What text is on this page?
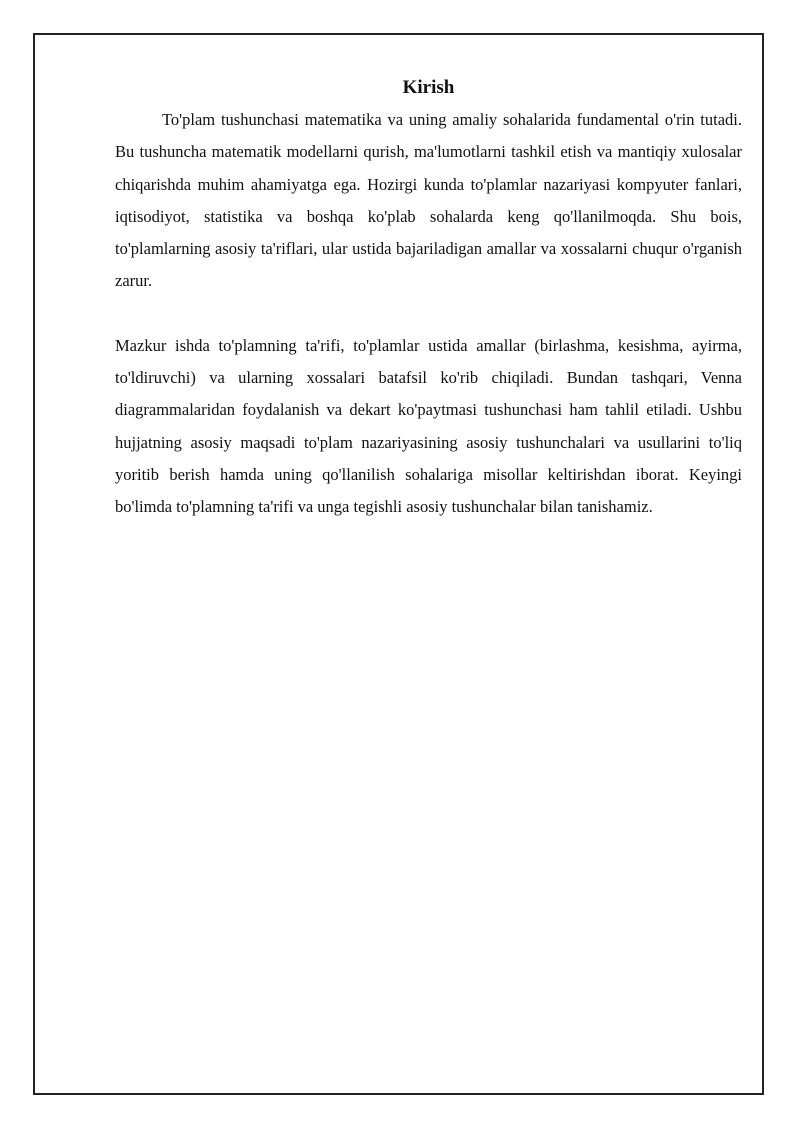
Kirish

To'plam tushunchasi matematika va uning amaliy sohalarida fundamental o'rin tutadi. Bu tushuncha matematik modellarni qurish, ma'lumotlarni tashkil etish va mantiqiy xulosalar chiqarishda muhim ahamiyatga ega. Hozirgi kunda to'plamlar nazariyasi kompyuter fanlari, iqtisodiyot, statistika va boshqa ko'plab sohalarda keng qo'llanilmoqda. Shu bois, to'plamlarning asosiy ta'riflari, ular ustida bajariladigan amallar va xossalarni chuqur o'rganish zarur.

Mazkur ishda to'plamning ta'rifi, to'plamlar ustida amallar (birlashma, kesishma, ayirma, to'ldiruvchi) va ularning xossalari batafsil ko'rib chiqiladi. Bundan tashqari, Venna diagrammalaridan foydalanish va dekart ko'paytmasi tushunchasi ham tahlil etiladi. Ushbu hujjatning asosiy maqsadi to'plam nazariyasining asosiy tushunchalari va usullarini to'liq yoritib berish hamda uning qo'llanilish sohalariga misollar keltirishdan iborat. Keyingi bo'limda to'plamning ta'rifi va unga tegishli asosiy tushunchalar bilan tanishamiz.
